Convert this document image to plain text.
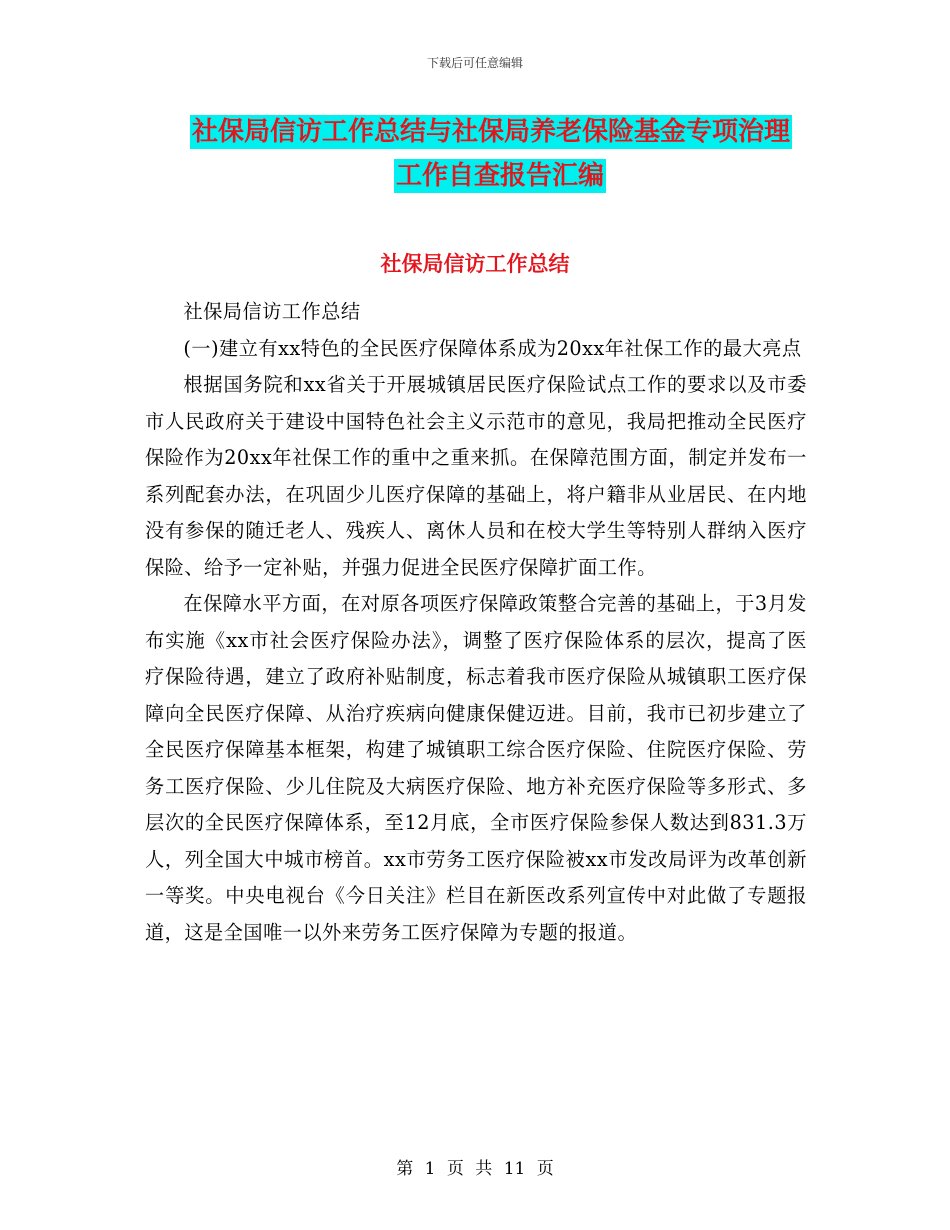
下载后可任意编辑
社保局信访工作总结与社保局养老保险基金专项治理
工作自查报告汇编
社保局信访工作总结

社保局信访工作总结

(一)建立有xx特色的全民医疗保障体系成为20xx年社保工作的最大亮点

根据国务院和xx省关于开展城镇居民医疗保险试点工作的要求以及市委市人民政府关于建设中国特色社会主义示范市的意见，我局把推动全民医疗保险作为20xx年社保工作的重中之重来抓。在保障范围方面，制定并发布一系列配套办法，在巩固少儿医疗保障的基础上，将户籍非从业居民、在内地没有参保的随迁老人、残疾人、离休人员和在校大学生等特别人群纳入医疗保险、给予一定补贴，并强力促进全民医疗保障扩面工作。

在保障水平方面，在对原各项医疗保障政策整合完善的基础上，于3月发布实施《xx市社会医疗保险办法》，调整了医疗保险体系的层次，提高了医疗保险待遇，建立了政府补贴制度，标志着我市医疗保险从城镇职工医疗保障向全民医疗保障、从治疗疾病向健康保健迈进。目前，我市已初步建立了全民医疗保障基本框架，构建了城镇职工综合医疗保险、住院医疗保险、劳务工医疗保险、少儿住院及大病医疗保险、地方补充医疗保险等多形式、多层次的全民医疗保障体系，至12月底，全市医疗保险参保人数达到831.3万人，列全国大中城市榜首。xx市劳务工医疗保险被xx市发改局评为改革创新一等奖。中央电视台《今日关注》栏目在新医改系列宣传中对此做了专题报道，这是全国唯一以外来劳务工医疗保障为专题的报道。

第 1 页 共 11 页
